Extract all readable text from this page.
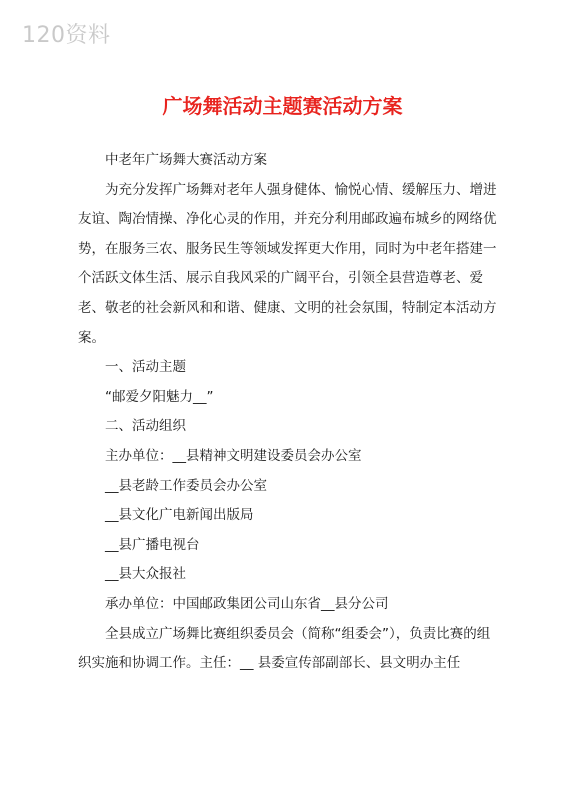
120资料
广场舞活动主题赛活动方案

中老年广场舞大赛活动方案

为充分发挥广场舞对老年人强身健体、愉悦心情、缓解压力、增进友谊、陶冶情操、净化心灵的作用，并充分利用邮政遍布城乡的网络优势，在服务三农、服务民生等领域发挥更大作用，同时为中老年搭建一个活跃文体生活、展示自我风采的广阔平台，引领全县营造尊老、爱老、敬老的社会新风和和谐、健康、文明的社会氛围，特制定本活动方案。

一、活动主题

“邮爱夕阳魅力__”

二、活动组织

主办单位：__县精神文明建设委员会办公室

__县老龄工作委员会办公室

__县文化广电新闻出版局

__县广播电视台

__县大众报社

承办单位：中国邮政集团公司山东省__县分公司

全县成立广场舞比赛组织委员会（简称“组委会”），负责比赛的组织实施和协调工作。主任：__ 县委宣传部副部长、县文明办主任
